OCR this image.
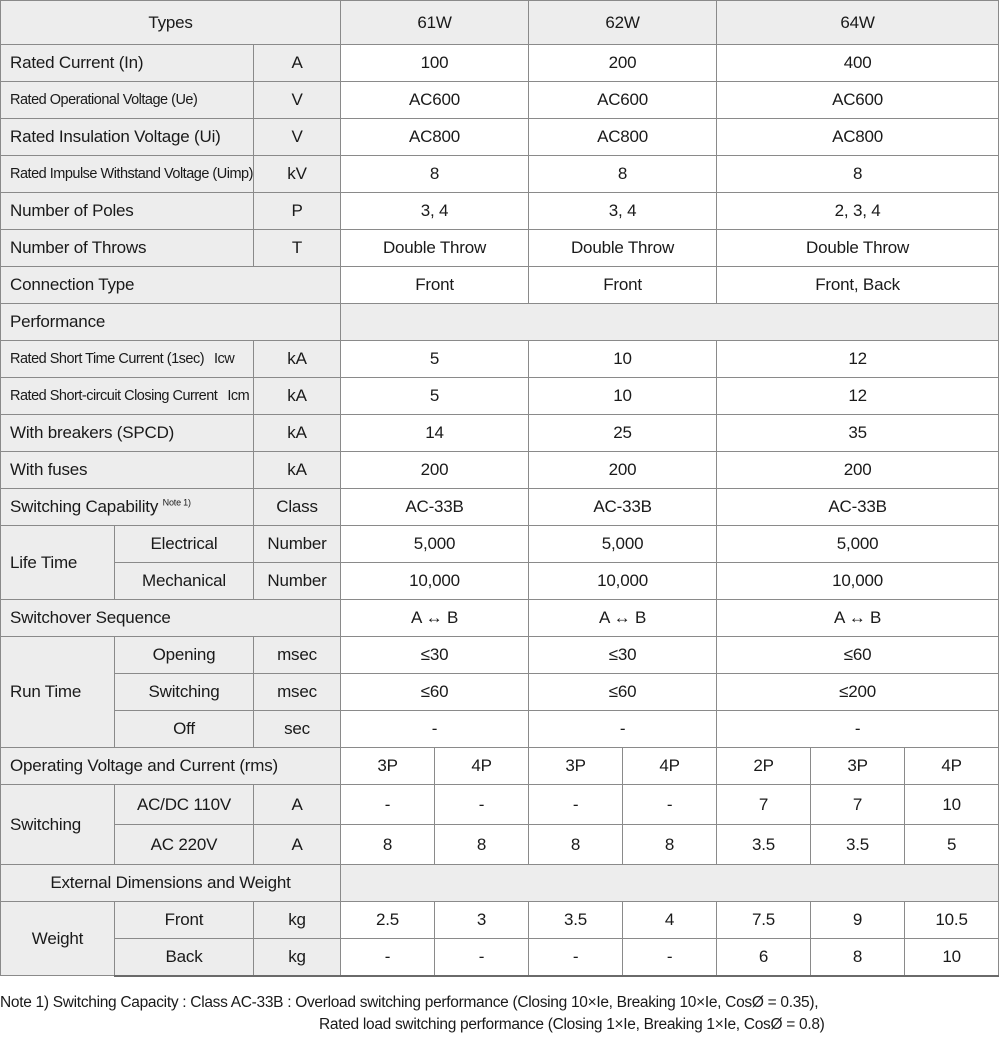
Types			61W		62W		64W		
Rated Current (In)		A	100		200		400		
Rated Operational Voltage (Ue)		V	AC600		AC600		AC600		
Rated Insulation Voltage (Ui)		V	AC800		AC800		AC800		
Rated Impulse Withstand Voltage (Uimp)		kV	8		8		8		
Number of Poles		P	3, 4		3, 4		2, 3, 4		
Number of Throws		T	Double Throw		Double Throw		Double Throw		
Connection Type			Front		Front		Front, Back		
Performance									
Rated Short Time Current (1sec) Icw		kA	5		10		12		
Rated Short-circuit Closing Current Icm		kA	5		10		12		
With breakers (SPCD)		kA	14		25		35		
With fuses		kA	200		200		200		
Switching Capability $^{Note 1)}$		Class	AC-33B		AC-33B		AC-33B		
Life Time	Electrical	Number	5,000		5,000		5,000		
	Mechanical	Number	10,000		10,000		10,000		
Switchover Sequence			A ↔ B		A ↔ B		A ↔ B		
Run Time	Opening	msec	≤30		≤30		≤60		
	Switching	msec	≤60		≤60		≤200		
	Off	sec	-		-		-		
Operating Voltage and Current (rms)			3P	4P	3P	4P	2P	3P	4P
Switching	AC/DC 110V	A	-	-	-	-	7	7	10
	AC 220V	A	8	8	8	8	3.5	3.5	5
External Dimensions and Weight									
Weight	Front	kg	2.5	3	3.5	4	7.5	9	10.5
	Back	kg	-	-	-	-	6	8	10
Note 1) Switching Capacity : Class AC-33B : Overload switching performance (Closing 10×Ie, Breaking 10×Ie, CosØ = 0.35),
Rated load switching performance (Closing 1×Ie, Breaking 1×Ie, CosØ = 0.8)
